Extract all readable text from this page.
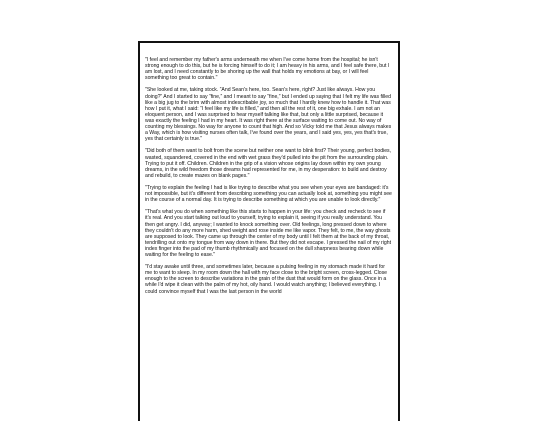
"I feel and remember my father's arms underneath me when I've come home from the hospital; he isn't strong enough to do this, but he is forcing himself to do it; I am heavy in his arms, and I feel safe there, but I am lost, and I need constantly to be shoring up the wall that holds my emotions at bay, or I will feel something too great to contain."

"She looked at me, taking stock. “And Sean's here, too. Sean's here, right? Just like always. How you doing?” And I started to say “fine,” and I meant to say “fine,” but I ended up saying that I felt my life was filled like a big jug to the brim with almost indescribable joy, so much that I hardly knew how to handle it. That was how I put it, what I said: “I feel like my life is filled,” and then all the rest of it, one big exhale. I am not an eloquent person, and I was surprised to hear myself talking like that, but only a little surprised, because it was exactly the feeling I had in my heart. It was right there at the surface waiting to come out. No way of counting my blessings. No way for anyone to count that high. And so Vicky told me that Jesus always makes a Way, which is how visiting nurses often talk, I've found over the years, and I said yes, yes, yes that's true, yes that certainly is true."

"Did both of them want to bolt from the scene but neither one want to blink first? Their young, perfect bodies, wasted, squandered, covered in the end with wet grass they'd pulled into the pit from the surrounding plain. Trying to put it off. Children. Children in the grip of a vision whose origins lay down within my own young dreams, in the wild freedom those dreams had represented for me, in my desperation: to build and destroy and rebuild, to create mazes on blank pages."

"Trying to explain the feeling I had is like trying to describe what you see when your eyes are bandaged: it's not impossible, but it's different from describing something you can actually look at, something you might see in the course of a normal day. It is trying to describe something at which you are unable to look directly."

"That's what you do when something like this starts to happen in your life: you check and recheck to see if it's real. And you start talking out loud to yourself, trying to explain it, seeing if you really understand. You then get angry. I did, anyway; I wanted to knock something over. Old feelings, long pressed down to where they couldn't do any more harm, shed weight and rose inside me like vapor. They felt, to me, the way ghosts are supposed to look. They came up through the center of my body until I felt them at the back of my throat, tendrilling out onto my tongue from way down in there. But they did not escape. I pressed the nail of my right index finger into the pad of my thumb rhythmically and focused on the dull sharpness bearing down while waiting for the feeling to ease."

"I'd stay awake until three, and sometimes later, because a pulsing feeling in my stomach made it hard for me to want to sleep. In my room down the hall with my face close to the bright screen, cross-legged. Close enough to the screen to describe variations in the grain of the dust that would form on the glass. Once in a while I'd wipe it clean with the palm of my hot, oily hand. I would watch anything; I believed everything. I could convince myself that I was the last person in the world
